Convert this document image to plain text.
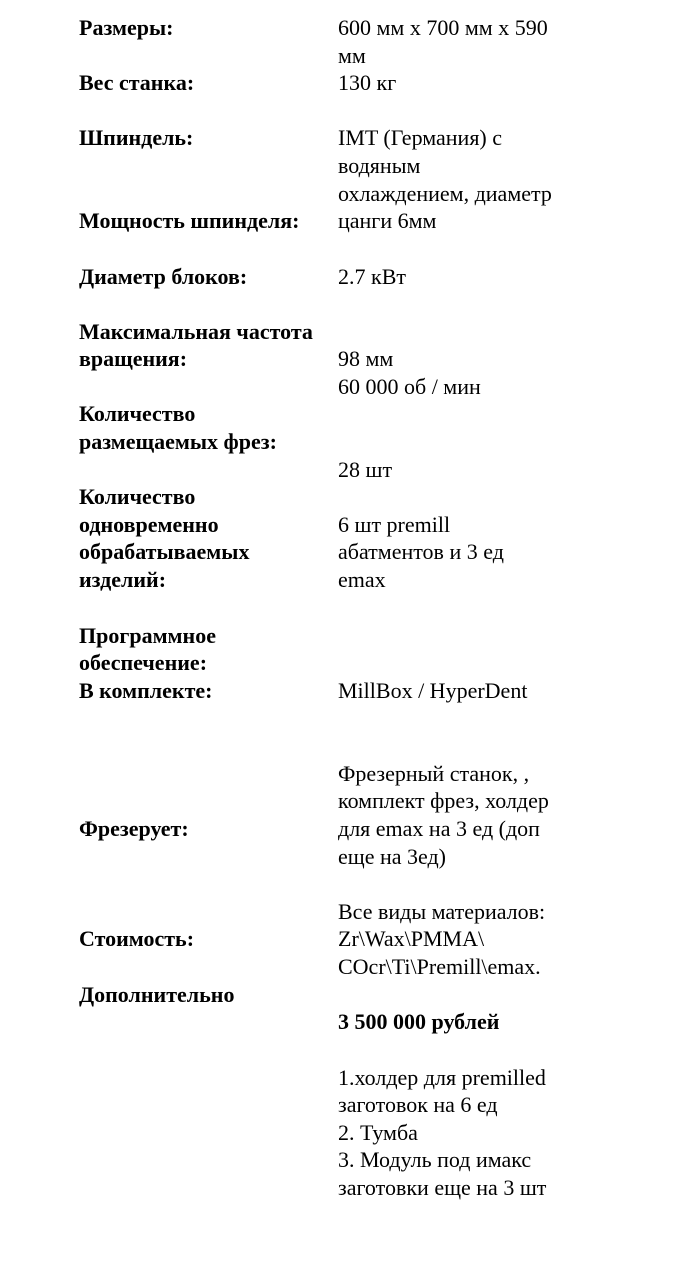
Размеры:
Вес станка:
Шпиндель:
Мощность шпинделя:
Диаметр блоков:
Максимальная частота
вращения:
Количество
размещаемых фрез:
Количество
одновременно
обрабатываемых
изделий:
Программное
обеспечение:
В комплекте:
Фрезерует:
Стоимость:
Дополнительно
600 мм х 700 мм х 590
мм
130 кг
IMT (Германия) с
водяным
охлаждением, диаметр
цанги 6мм
2.7 кВт
98 мм
60 000 об / мин
28 шт
6 шт premill
абатментов и 3 ед
emax
MillBox / HyperDent
Фрезерный станок, ,
комплект фрез, холдер
для emax на 3 ед (доп
еще на 3ед)
Все виды материалов:
Zr\Wax\PMMA\
COcr\Ti\Premill\emax.
3 500 000 рублей
1.холдер для premilled
заготовок на 6 ед
2. Тумба
3. Модуль под имакс
заготовки еще на 3 шт
